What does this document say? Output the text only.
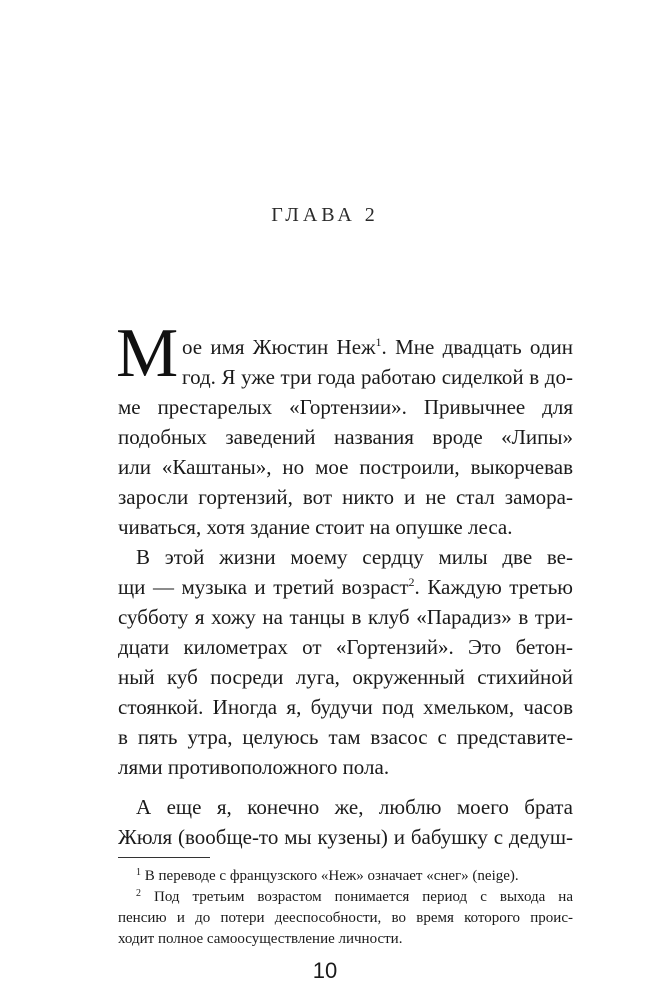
ГЛАВА 2
М ое имя Жюстин Неж$^1$. Мне двадцать один
год. Я уже три года работаю сиделкой в до-
ме престарелых «Гортензии». Привычнее для
подобных заведений названия вроде «Липы»
или «Каштаны», но мое построили, выкорчевав
заросли гортензий, вот никто и не стал замора-
чиваться, хотя здание стоит на опушке леса.
В этой жизни моему сердцу милы две ве-
щи — музыка и третий возраст$^2$. Каждую третью
субботу я хожу на танцы в клуб «Парадиз» в три-
дцати километрах от «Гортензий». Это бетон-
ный куб посреди луга, окруженный стихийной
стоянкой. Иногда я, будучи под хмельком, часов
в пять утра, целуюсь там взасос с представите-
лями противоположного пола.
А еще я, конечно же, люблю моего брата
Жюля (вообще-то мы кузены) и бабушку с дедуш-
$^1$ В переводе с французского «Неж» означает «снег» (neige).
$^2$ Под третьим возрастом понимается период с выхода на
пенсию и до потери дееспособности, во время которого проис-
ходит полное самоосуществление личности.
10
